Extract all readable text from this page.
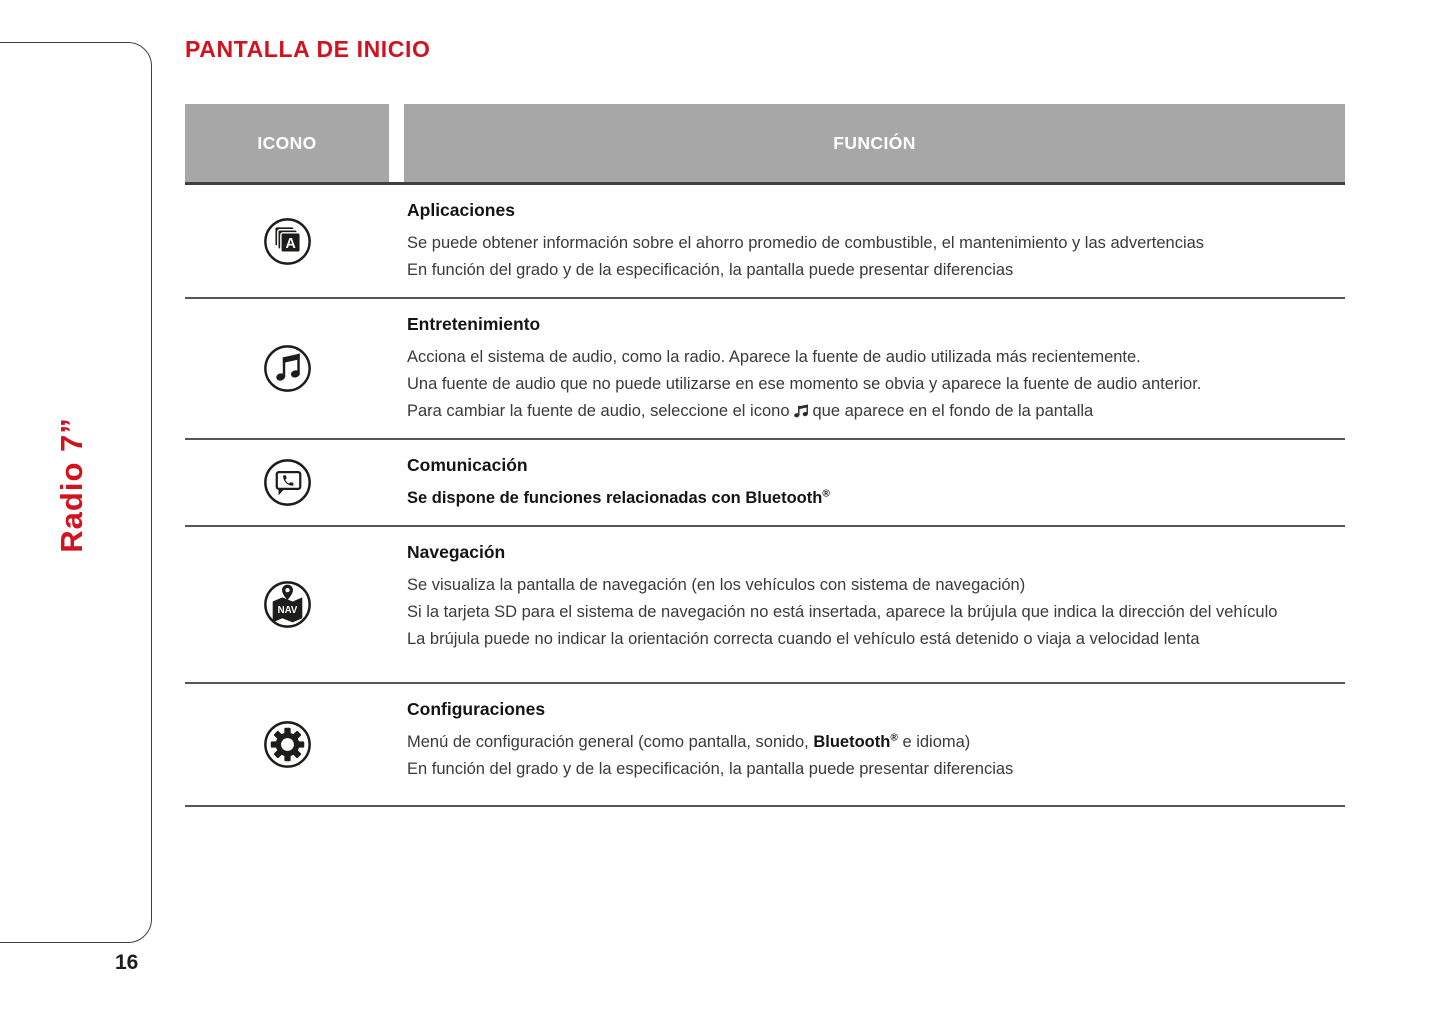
Radio 7”
16
PANTALLA DE INICIO
ICONO	FUNCIÓN
A
Aplicaciones

Se puede obtener información sobre el ahorro promedio de combustible, el mantenimiento y las advertencias

En función del grado y de la especificación, la pantalla puede presentar diferencias

Entretenimiento

Acciona el sistema de audio, como la radio. Aparece la fuente de audio utilizada más recientemente.

Una fuente de audio que no puede utilizarse en ese momento se obvia y aparece la fuente de audio anterior.

Para cambiar la fuente de audio, seleccione el icono que aparece en el fondo de la pantalla

Comunicación

Se dispone de funciones relacionadas con Bluetooth®

NAV
Navegación

Se visualiza la pantalla de navegación (en los vehículos con sistema de navegación)

Si la tarjeta SD para el sistema de navegación no está insertada, aparece la brújula que indica la dirección del vehículo

La brújula puede no indicar la orientación correcta cuando el vehículo está detenido o viaja a velocidad lenta

Configuraciones

Menú de configuración general (como pantalla, sonido, Bluetooth® e idioma)

En función del grado y de la especificación, la pantalla puede presentar diferencias
